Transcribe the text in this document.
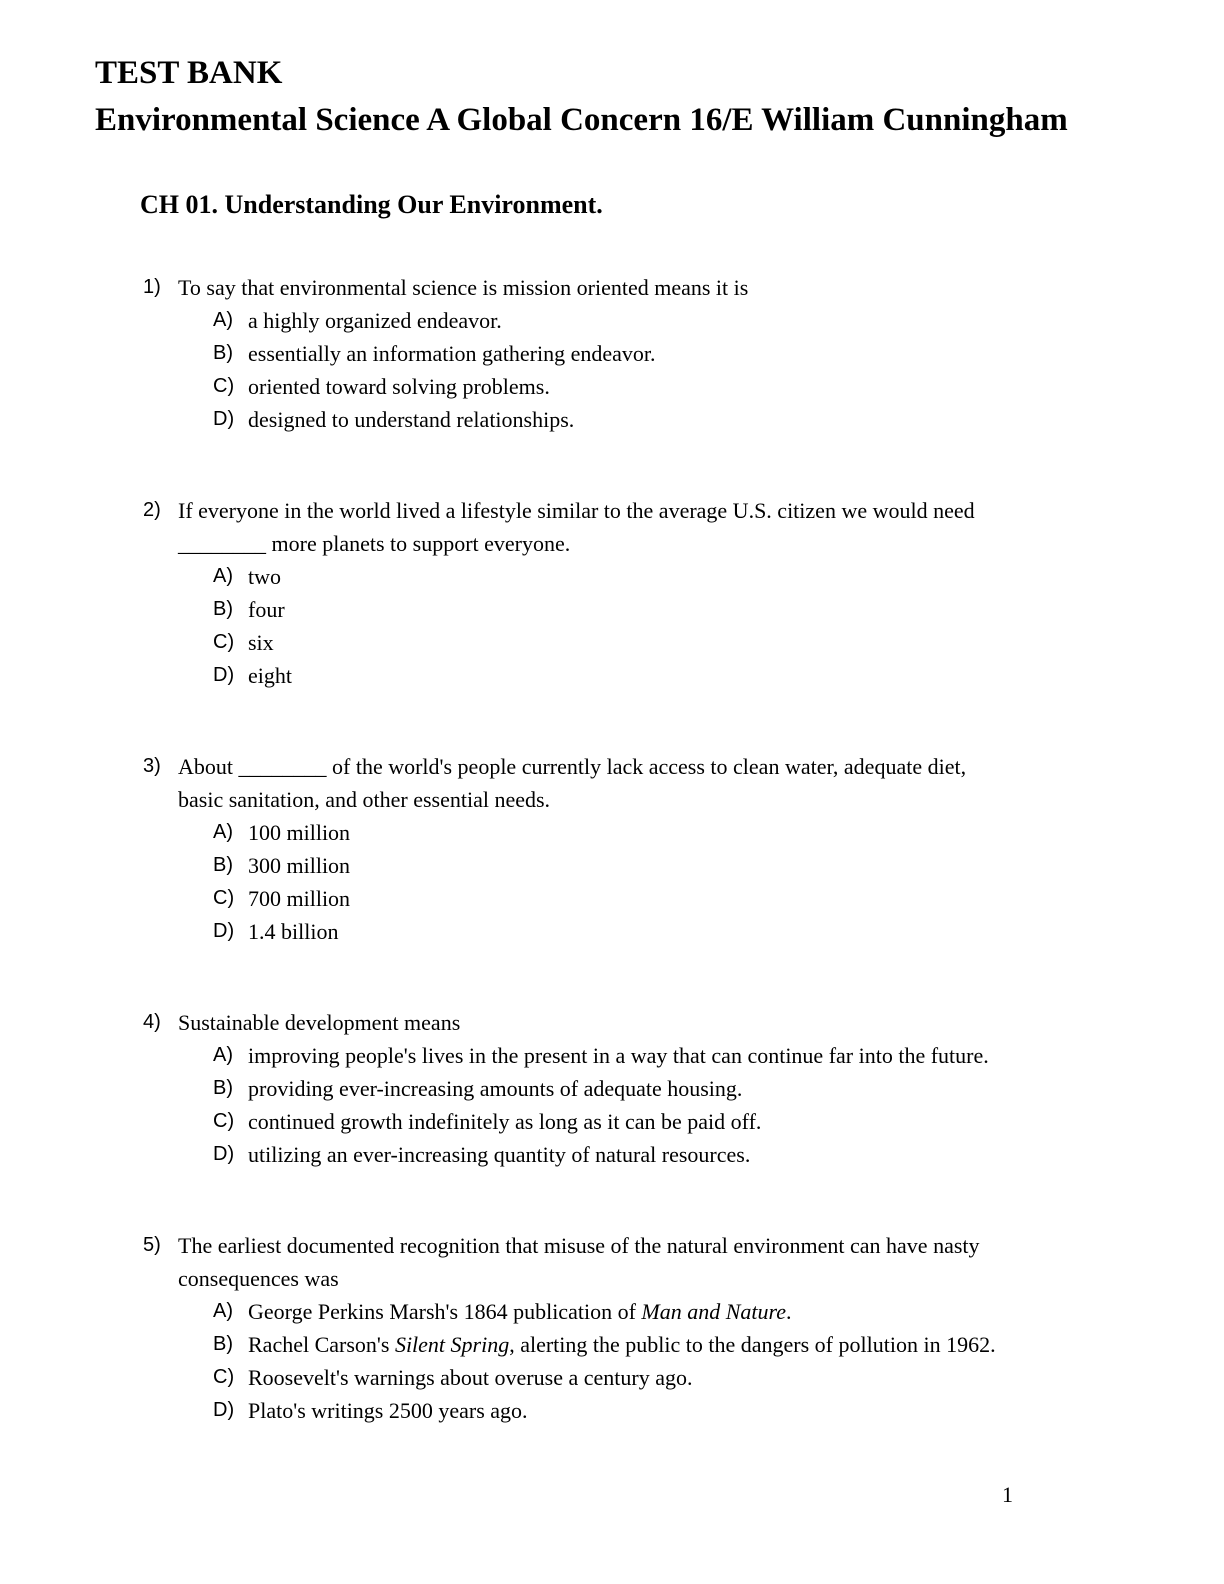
TEST BANK
Environmental Science A Global Concern 16/E William Cunningham
CH 01. Understanding Our Environment.
1) To say that environmental science is mission oriented means it is
A) a highly organized endeavor.
B) essentially an information gathering endeavor.
C) oriented toward solving problems.
D) designed to understand relationships.
2) If everyone in the world lived a lifestyle similar to the average U.S. citizen we would need
________ more planets to support everyone.
A) two
B) four
C) six
D) eight
3) About ________ of the world's people currently lack access to clean water, adequate diet,
basic sanitation, and other essential needs.
A) 100 million
B) 300 million
C) 700 million
D) 1.4 billion
4) Sustainable development means
A) improving people's lives in the present in a way that can continue far into the future.
B) providing ever-increasing amounts of adequate housing.
C) continued growth indefinitely as long as it can be paid off.
D) utilizing an ever-increasing quantity of natural resources.
5) The earliest documented recognition that misuse of the natural environment can have nasty
consequences was
A) George Perkins Marsh's 1864 publication of Man and Nature.
B) Rachel Carson's Silent Spring, alerting the public to the dangers of pollution in 1962.
C) Roosevelt's warnings about overuse a century ago.
D) Plato's writings 2500 years ago.
1
